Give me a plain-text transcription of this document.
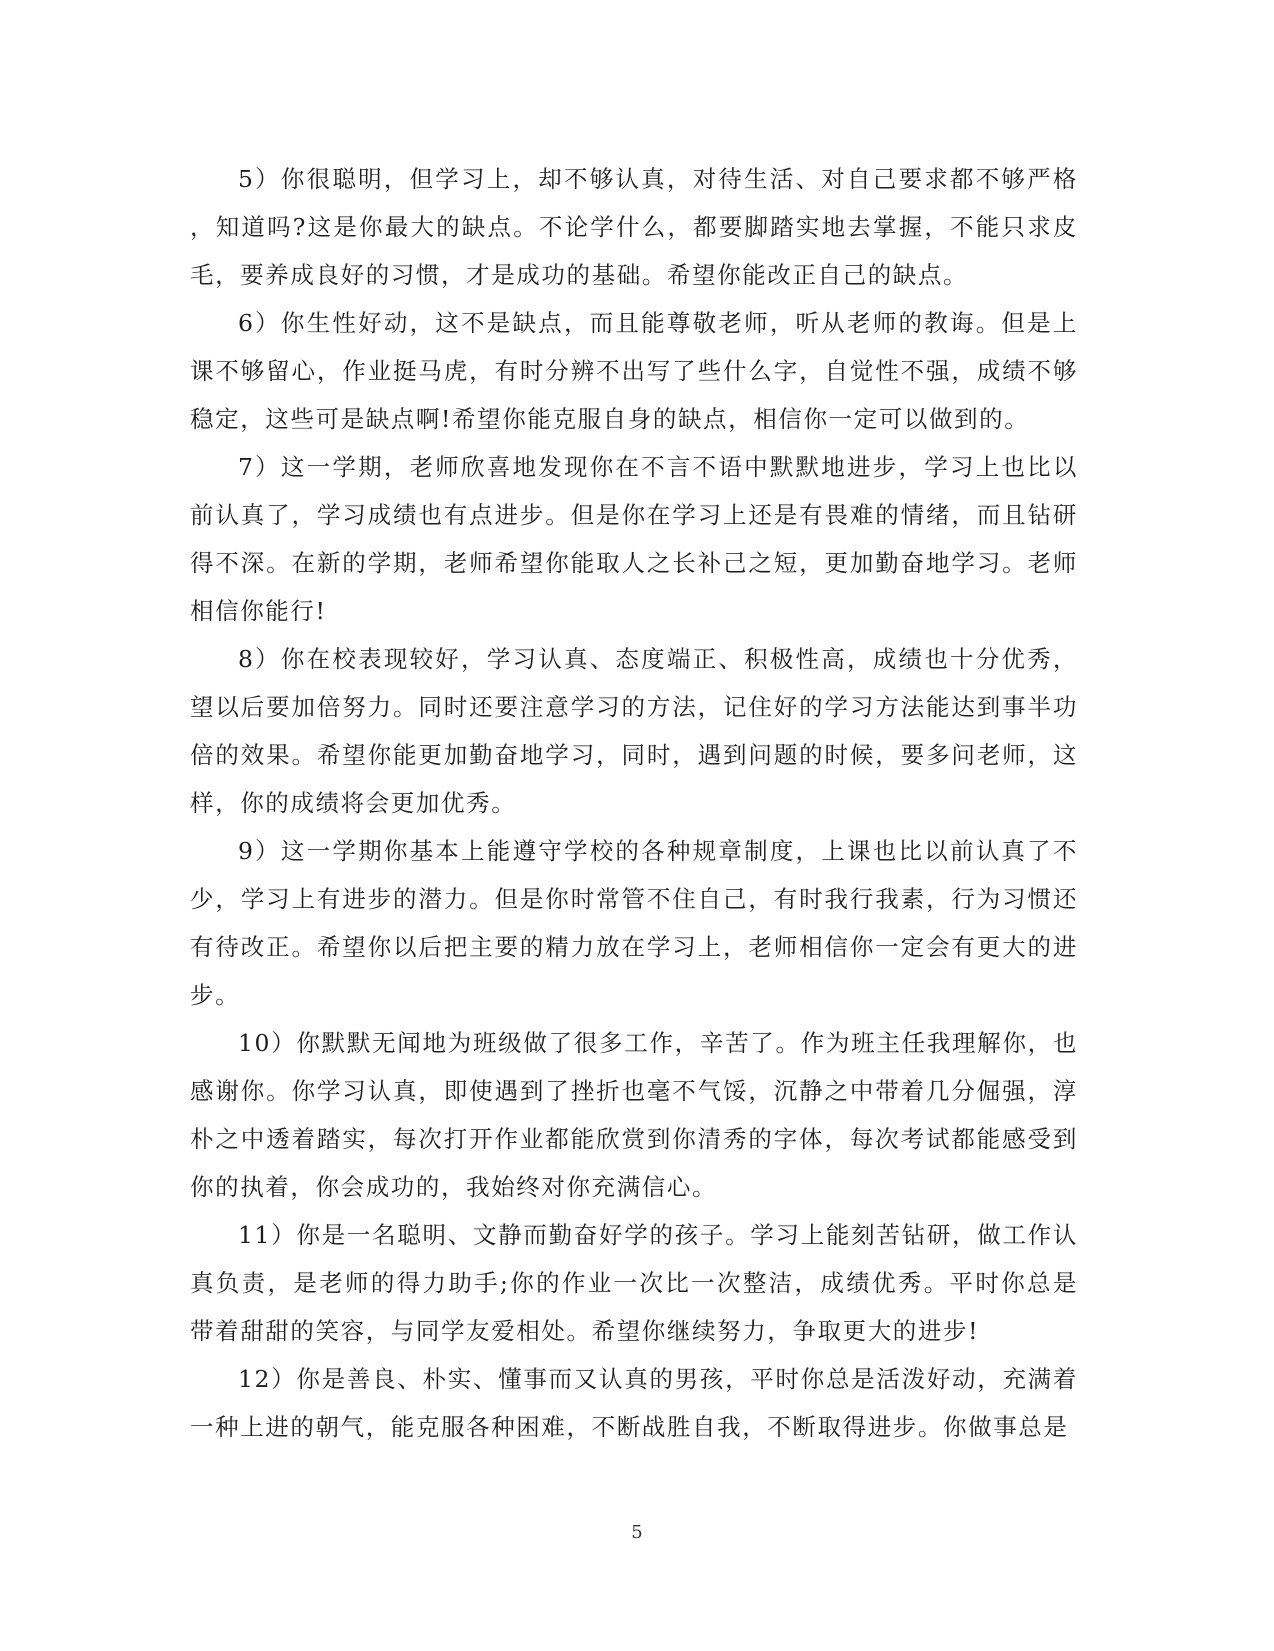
5）你很聪明，但学习上，却不够认真，对待生活、对自己要求都不够严格，知道吗?这是你最大的缺点。不论学什么，都要脚踏实地去掌握，不能只求皮毛，要养成良好的习惯，才是成功的基础。希望你能改正自己的缺点。

6）你生性好动，这不是缺点，而且能尊敬老师，听从老师的教诲。但是上课不够留心，作业挺马虎，有时分辨不出写了些什么字，自觉性不强，成绩不够稳定，这些可是缺点啊!希望你能克服自身的缺点，相信你一定可以做到的。

7）这一学期，老师欣喜地发现你在不言不语中默默地进步，学习上也比以前认真了，学习成绩也有点进步。但是你在学习上还是有畏难的情绪，而且钻研得不深。在新的学期，老师希望你能取人之长补己之短，更加勤奋地学习。老师相信你能行!

8）你在校表现较好，学习认真、态度端正、积极性高，成绩也十分优秀，望以后要加倍努力。同时还要注意学习的方法，记住好的学习方法能达到事半功倍的效果。希望你能更加勤奋地学习，同时，遇到问题的时候，要多问老师，这样，你的成绩将会更加优秀。

9）这一学期你基本上能遵守学校的各种规章制度，上课也比以前认真了不少，学习上有进步的潜力。但是你时常管不住自己，有时我行我素，行为习惯还有待改正。希望你以后把主要的精力放在学习上，老师相信你一定会有更大的进步。

10）你默默无闻地为班级做了很多工作，辛苦了。作为班主任我理解你，也感谢你。你学习认真，即使遇到了挫折也毫不气馁，沉静之中带着几分倔强，淳朴之中透着踏实，每次打开作业都能欣赏到你清秀的字体，每次考试都能感受到你的执着，你会成功的，我始终对你充满信心。

11）你是一名聪明、文静而勤奋好学的孩子。学习上能刻苦钻研，做工作认真负责，是老师的得力助手;你的作业一次比一次整洁，成绩优秀。平时你总是带着甜甜的笑容，与同学友爱相处。希望你继续努力，争取更大的进步!

12）你是善良、朴实、懂事而又认真的男孩，平时你总是活泼好动，充满着一种上进的朝气，能克服各种困难，不断战胜自我，不断取得进步。你做事总是

5
